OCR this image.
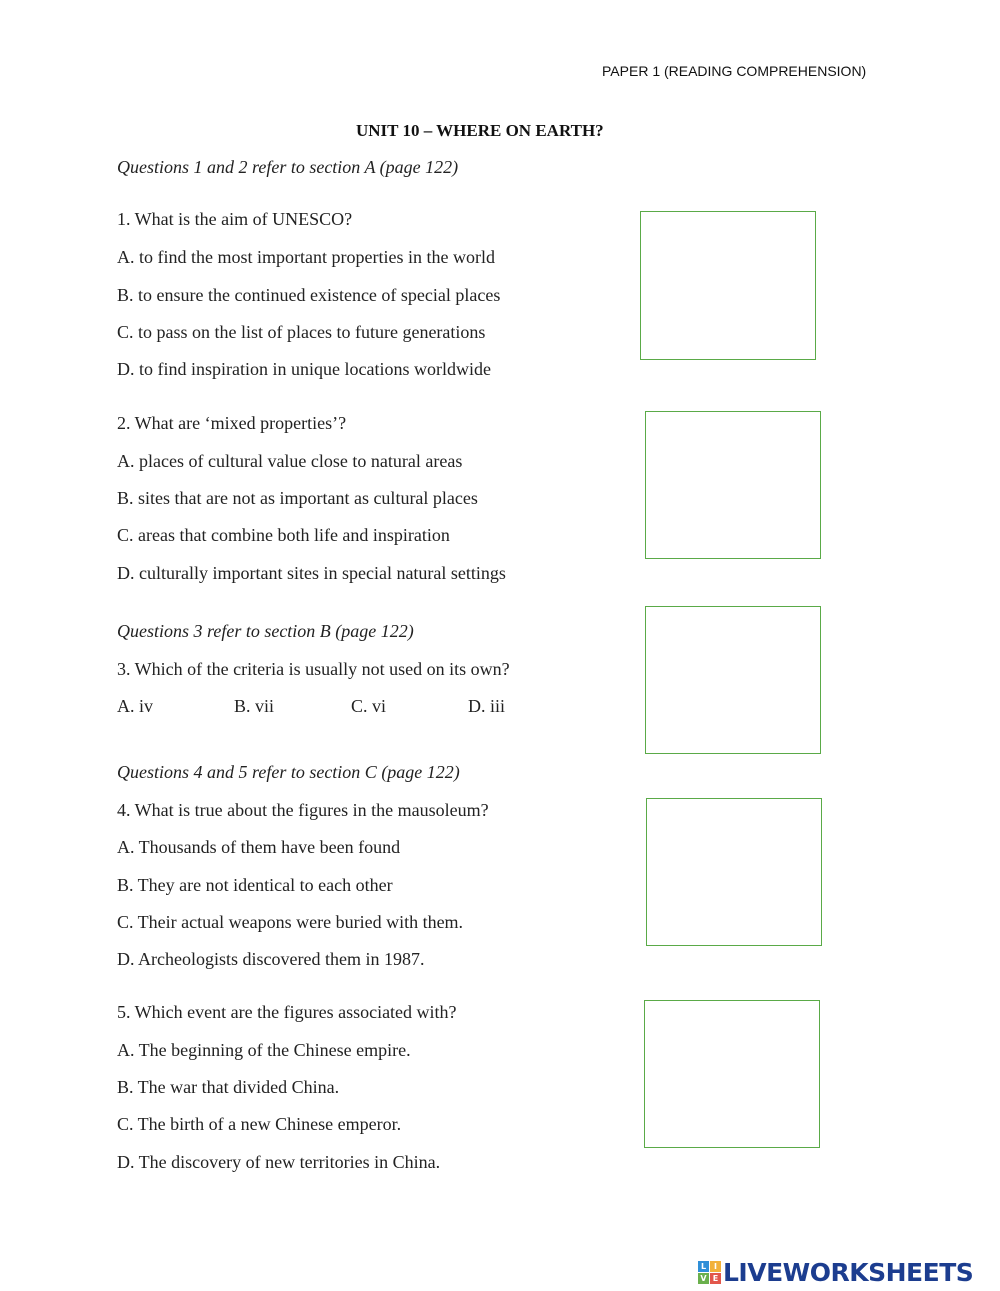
PAPER 1 (READING COMPREHENSION)
UNIT 10 – WHERE ON EARTH?
Questions 1 and 2 refer to section A (page 122)
1. What is the aim of UNESCO?
A. to find the most important properties in the world
B. to ensure the continued existence of special places
C. to pass on the list of places to future generations
D. to find inspiration in unique locations worldwide
2. What are ‘mixed properties’?
A. places of cultural value close to natural areas
B. sites that are not as important as cultural places
C. areas that combine both life and inspiration
D. culturally important sites in special natural settings
Questions 3 refer to section B (page 122)
3. Which of the criteria is usually not used on its own?
A. iv	B. vii	C. vi	D. iii
Questions 4 and 5 refer to section C (page 122)
4. What is true about the figures in the mausoleum?
A. Thousands of them have been found
B. They are not identical to each other
C. Their actual weapons were buried with them.
D. Archeologists discovered them in 1987.
5. Which event are the figures associated with?
A. The beginning of the Chinese empire.
B. The war that divided China.
C. The birth of a new Chinese emperor.
D. The discovery of new territories in China.
L I
V E LIVEWORKSHEETS
